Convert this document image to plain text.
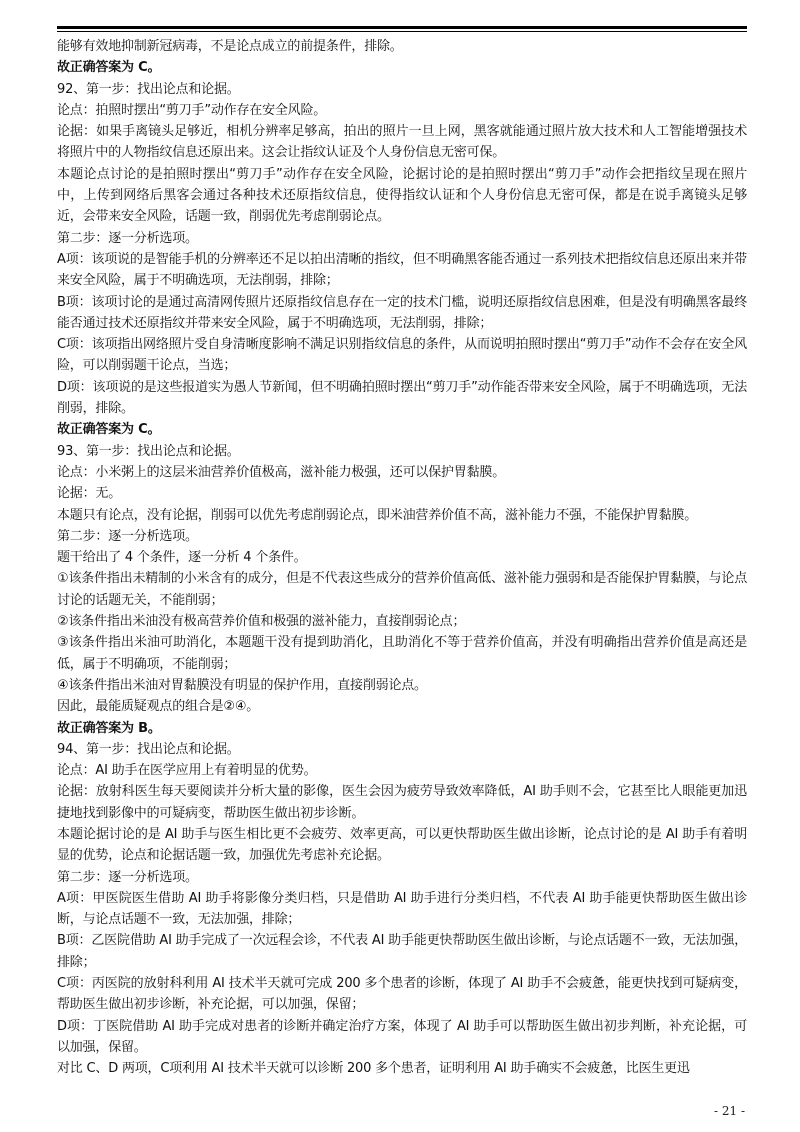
能够有效地抑制新冠病毒，不是论点成立的前提条件，排除。

故正确答案为 C。

92、第一步：找出论点和论据。

论点：拍照时摆出“剪刀手”动作存在安全风险。

论据：如果手离镜头足够近，相机分辨率足够高，拍出的照片一旦上网，黑客就能通过照片放大技术和人工智能增强技术将照片中的人物指纹信息还原出来。这会让指纹认证及个人身份信息无密可保。

本题论点讨论的是拍照时摆出“剪刀手”动作存在安全风险，论据讨论的是拍照时摆出“剪刀手”动作会把指纹呈现在照片中，上传到网络后黑客会通过各种技术还原指纹信息，使得指纹认证和个人身份信息无密可保，都是在说手离镜头足够近，会带来安全风险，话题一致，削弱优先考虑削弱论点。

第二步：逐一分析选项。

A项：该项说的是智能手机的分辨率还不足以拍出清晰的指纹，但不明确黑客能否通过一系列技术把指纹信息还原出来并带来安全风险，属于不明确选项，无法削弱，排除；

B项：该项讨论的是通过高清网传照片还原指纹信息存在一定的技术门槛，说明还原指纹信息困难，但是没有明确黑客最终能否通过技术还原指纹并带来安全风险，属于不明确选项，无法削弱，排除；

C项：该项指出网络照片受自身清晰度影响不满足识别指纹信息的条件，从而说明拍照时摆出“剪刀手”动作不会存在安全风险，可以削弱题干论点，当选；

D项：该项说的是这些报道实为愚人节新闻，但不明确拍照时摆出“剪刀手”动作能否带来安全风险，属于不明确选项，无法削弱，排除。

故正确答案为 C。

93、第一步：找出论点和论据。

论点：小米粥上的这层米油营养价值极高，滋补能力极强，还可以保护胃黏膜。

论据：无。

本题只有论点，没有论据，削弱可以优先考虑削弱论点，即米油营养价值不高，滋补能力不强，不能保护胃黏膜。

第二步：逐一分析选项。

题干给出了 4 个条件，逐一分析 4 个条件。

①该条件指出未精制的小米含有的成分，但是不代表这些成分的营养价值高低、滋补能力强弱和是否能保护胃黏膜，与论点讨论的话题无关，不能削弱；

②该条件指出米油没有极高营养价值和极强的滋补能力，直接削弱论点；

③该条件指出米油可助消化，本题题干没有提到助消化，且助消化不等于营养价值高，并没有明确指出营养价值是高还是低，属于不明确项，不能削弱；

④该条件指出米油对胃黏膜没有明显的保护作用，直接削弱论点。

因此，最能质疑观点的组合是②④。

故正确答案为 B。

94、第一步：找出论点和论据。

论点：AI 助手在医学应用上有着明显的优势。

论据：放射科医生每天要阅读并分析大量的影像，医生会因为疲劳导致效率降低，AI 助手则不会，它甚至比人眼能更加迅捷地找到影像中的可疑病变，帮助医生做出初步诊断。

本题论据讨论的是 AI 助手与医生相比更不会疲劳、效率更高，可以更快帮助医生做出诊断，论点讨论的是 AI 助手有着明显的优势，论点和论据话题一致，加强优先考虑补充论据。

第二步：逐一分析选项。

A项：甲医院医生借助 AI 助手将影像分类归档，只是借助 AI 助手进行分类归档，不代表 AI 助手能更快帮助医生做出诊断，与论点话题不一致，无法加强，排除；

B项：乙医院借助 AI 助手完成了一次远程会诊，不代表 AI 助手能更快帮助医生做出诊断，与论点话题不一致，无法加强，排除；

C项：丙医院的放射科利用 AI 技术半天就可完成 200 多个患者的诊断，体现了 AI 助手不会疲惫，能更快找到可疑病变，帮助医生做出初步诊断，补充论据，可以加强，保留；

D项：丁医院借助 AI 助手完成对患者的诊断并确定治疗方案，体现了 AI 助手可以帮助医生做出初步判断，补充论据，可以加强，保留。

对比 C、D 两项，C项利用 AI 技术半天就可以诊断 200 多个患者，证明利用 AI 助手确实不会疲惫，比医生更迅

- 21 -
